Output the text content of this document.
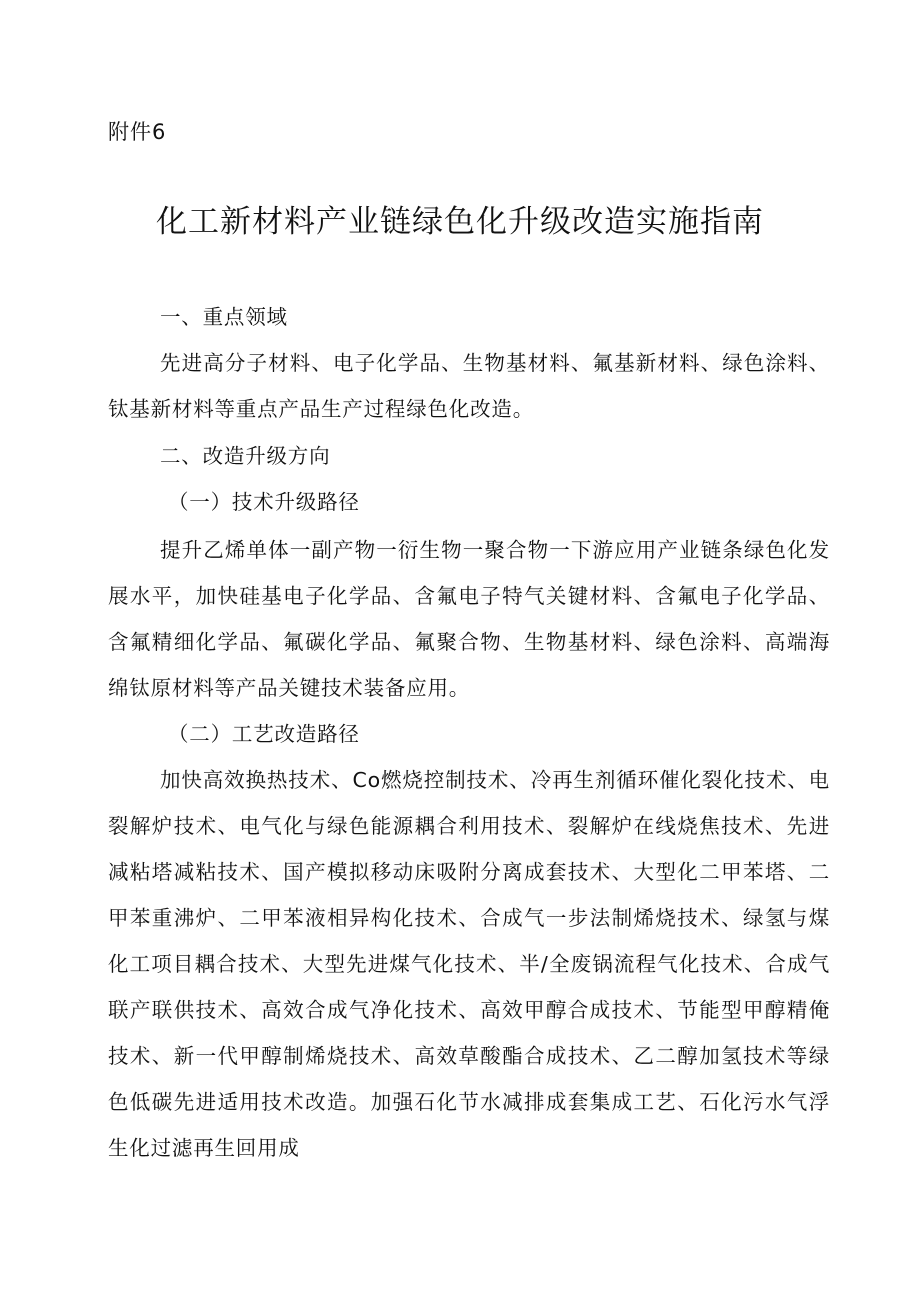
附件6
化工新材料产业链绿色化升级改造实施指南

一、重点领域

先进高分子材料、电子化学品、生物基材料、氟基新材料、绿色涂料、钛基新材料等重点产品生产过程绿色化改造。

二、改造升级方向

（一）技术升级路径

提升乙烯单体一副产物一衍生物一聚合物一下游应用产业链条绿色化发展水平，加快硅基电子化学品、含氟电子特气关键材料、含氟电子化学品、含氟精细化学品、氟碳化学品、氟聚合物、生物基材料、绿色涂料、高端海绵钛原材料等产品关键技术装备应用。

（二）工艺改造路径

加快高效换热技术、Co燃烧控制技术、冷再生剂循环催化裂化技术、电裂解炉技术、电气化与绿色能源耦合利用技术、裂解炉在线烧焦技术、先进减粘塔减粘技术、国产模拟移动床吸附分离成套技术、大型化二甲苯塔、二甲苯重沸炉、二甲苯液相异构化技术、合成气一步法制烯烧技术、绿氢与煤化工项目耦合技术、大型先进煤气化技术、半/全废锅流程气化技术、合成气联产联供技术、高效合成气净化技术、高效甲醇合成技术、节能型甲醇精俺技术、新一代甲醇制烯烧技术、高效草酸酯合成技术、乙二醇加氢技术等绿色低碳先进适用技术改造。加强石化节水减排成套集成工艺、石化污水气浮生化过滤再生回用成
